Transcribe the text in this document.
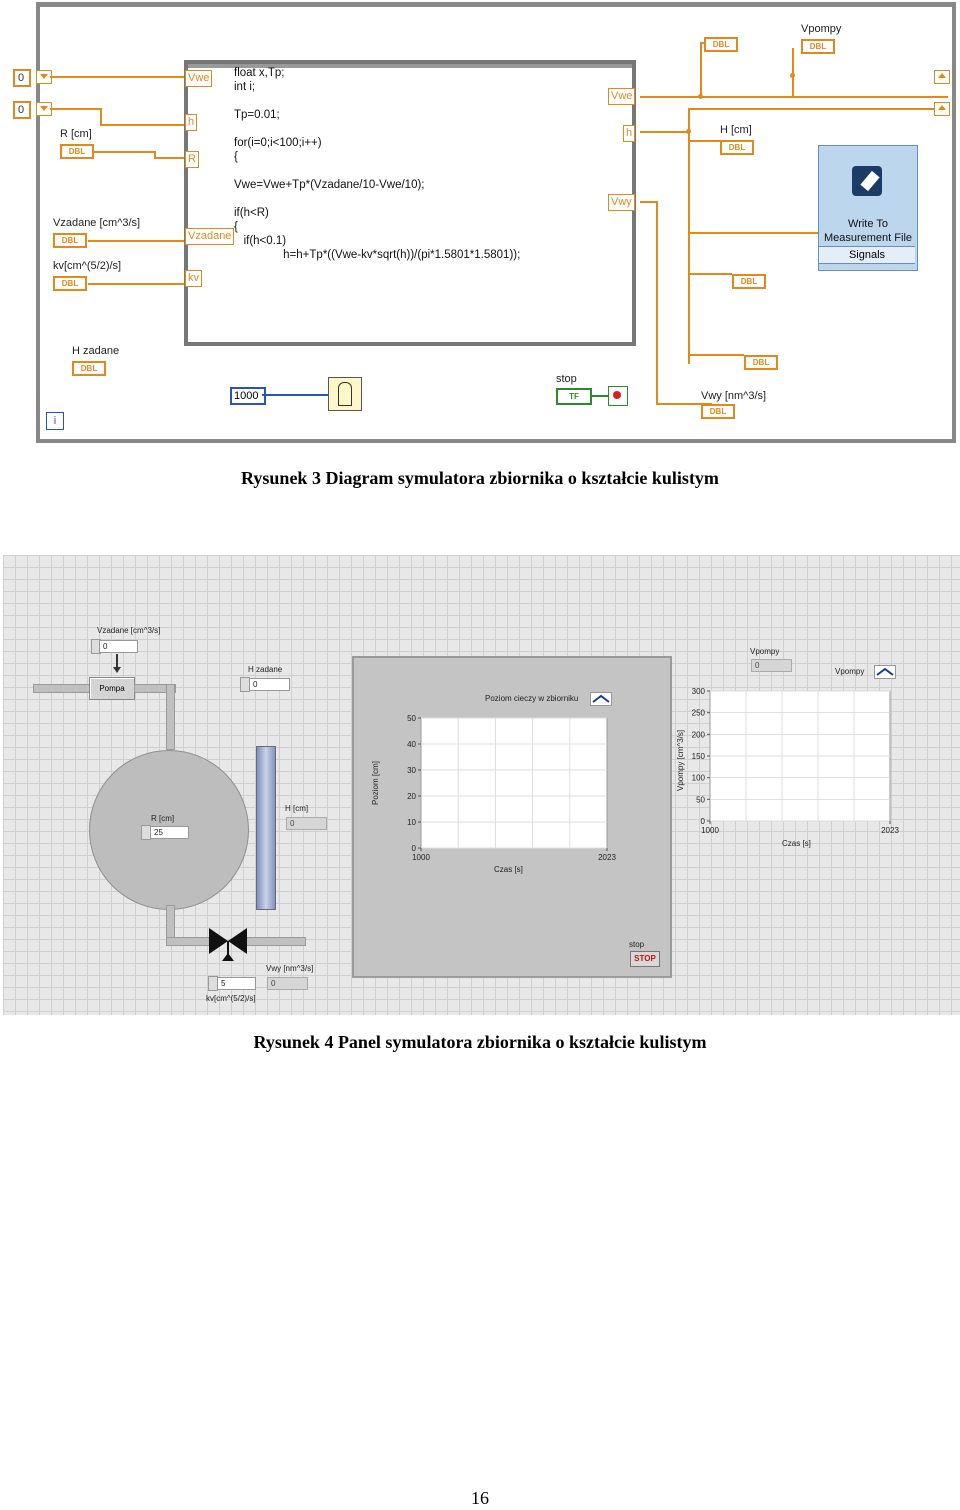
0
0
R [cm]
DBL
Vzadane [cm^3/s]
DBL
kv[cm^(5/2)/s]
DBL
H zadane
DBL
Vwe
h
R
Vzadane
kv
float x,Tp;
int i;

Tp=0.01;

for(i=0;i<100;i++)
{

Vwe=Vwe+Tp*(Vzadane/10-Vwe/10);

if(h<R)
{
if(h<0.1)
h=h+Tp*((Vwe-kv*sqrt(h))/(pi*1.5801*1.5801));
Vwe
h
Vwy
DBL
Vpompy
DBL
H [cm]
DBL
DBL
DBL
Vwy [nm^3/s]
DBL
Write To
Measurement File
Signals
1000
stop
TF
i
Rysunek 3 Diagram symulatora zbiornika o kształcie kulistym
Vzadane [cm^3/s]
0
Pompa
H zadane
0
R [cm]
25
H [cm]
0
5
kv[cm^(5/2)/s]
Vwy [nm^3/s]
0
Poziom cieczy w zbiorniku
0
10
20
30
40
50
1000	2023
Czas [s]
Poziom [cm]
stop
STOP
Vpompy
0
Vpompy
0
50
100
150
200
250
300
1000	2023
Czas [s]
Vpompy [cm^3/s]
Rysunek 4 Panel symulatora zbiornika o kształcie kulistym
16
